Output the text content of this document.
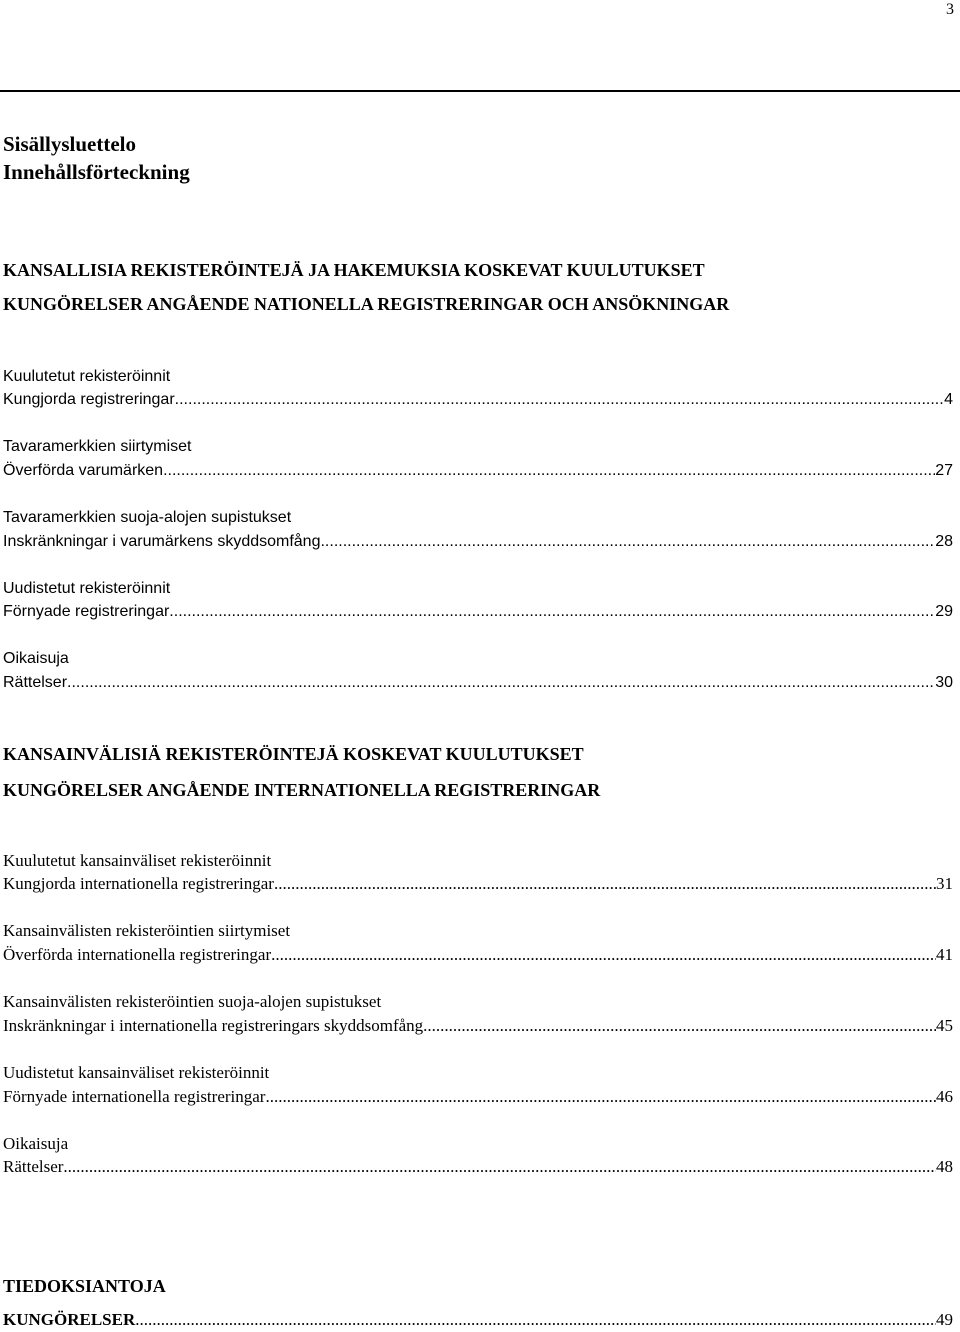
3
Sisällysluettelo
Innehållsförteckning
KANSALLISIA REKISTERÖINTEJÄ JA HAKEMUKSIA KOSKEVAT KUULUTUKSET
KUNGÖRELSER ANGÅENDE NATIONELLA REGISTRERINGAR OCH ANSÖKNINGAR
Kuulutetut rekisteröinnit
Kungjorda registreringar .....	4
Tavaramerkkien siirtymiset
Överförda varumärken .....	27
Tavaramerkkien suoja-alojen supistukset
Inskränkningar i varumärkens skyddsomfång .....	28
Uudistetut rekisteröinnit
Förnyade registreringar .....	29
Oikaisuja
Rättelser .....	30
KANSAINVÄLISIÄ REKISTERÖINTEJÄ KOSKEVAT KUULUTUKSET
KUNGÖRELSER ANGÅENDE INTERNATIONELLA REGISTRERINGAR
Kuulutetut kansainväliset rekisteröinnit
Kungjorda internationella registreringar .....	31
Kansainvälisten rekisteröintien siirtymiset
Överförda internationella registreringar .....	41
Kansainvälisten rekisteröintien suoja-alojen supistukset
Inskränkningar i internationella registreringars skyddsomfång .....	45
Uudistetut kansainväliset rekisteröinnit
Förnyade internationella registreringar .....	46
Oikaisuja
Rättelser .....	48
TIEDOKSIANTOJA
KUNGÖRELSER .....	49
